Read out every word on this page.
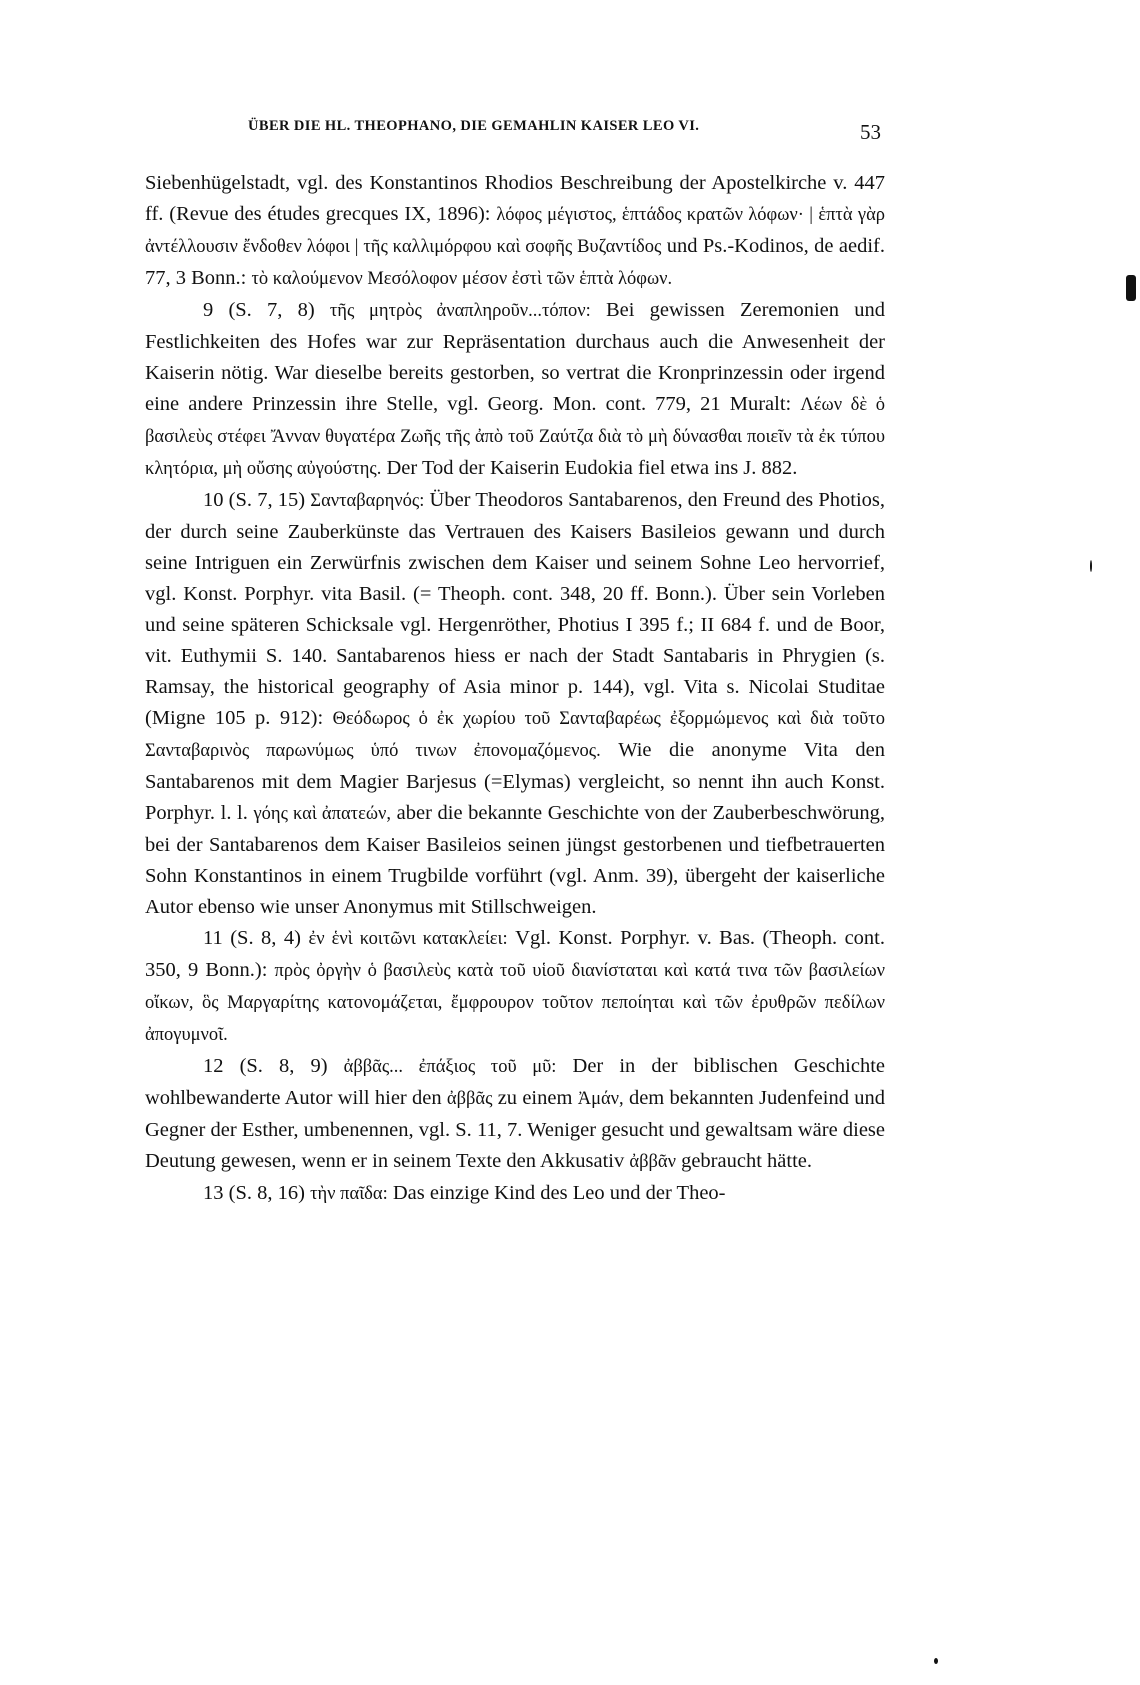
ÜBER DIE HL. THEOPHANO, DIE GEMAHLIN KAISER LEO VI.	53

Siebenhügelstadt, vgl. des Konstantinos Rhodios Beschreibung der Apostelkirche v. 447 ff. (Revue des études grecques IX, 1896): λόφος μέγιστος, ἑπτάδος κρατῶν λόφων· | ἑπτὰ γὰρ ἀντέλλουσιν ἔνδοθεν λόφοι | τῆς καλλιμόρφου καὶ σοφῆς Βυζαντίδος und Ps.-Kodinos, de aedif. 77, 3 Bonn.: τὸ καλούμενον Μεσόλοφον μέσον ἐστὶ τῶν ἑπτὰ λόφων.

9 (S. 7, 8) τῆς μητρὸς ἀναπληροῦν...τόπον: Bei gewissen Zeremonien und Festlichkeiten des Hofes war zur Repräsentation durchaus auch die Anwesenheit der Kaiserin nötig. War dieselbe bereits gestorben, so vertrat die Kronprinzessin oder irgend eine andere Prinzessin ihre Stelle, vgl. Georg. Mon. cont. 779, 21 Muralt: Λέων δὲ ὁ βασιλεὺς στέφει Ἄνναν θυγατέρα Ζωῆς τῆς ἀπὸ τοῦ Ζαύτζα διὰ τὸ μὴ δύνασθαι ποιεῖν τὰ ἐκ τύπου κλητόρια, μὴ οὔσης αὐγούστης. Der Tod der Kaiserin Eudokia fiel etwa ins J. 882.

10 (S. 7, 15) Σανταβαρηνός: Über Theodoros Santabarenos, den Freund des Photios, der durch seine Zauberkünste das Vertrauen des Kaisers Basileios gewann und durch seine Intriguen ein Zerwürfnis zwischen dem Kaiser und seinem Sohne Leo hervorrief, vgl. Konst. Porphyr. vita Basil. (= Theoph. cont. 348, 20 ff. Bonn.). Über sein Vorleben und seine späteren Schicksale vgl. Hergenröther, Photius I 395 f.; II 684 f. und de Boor, vit. Euthymii S. 140. Santabarenos hiess er nach der Stadt Santabaris in Phrygien (s. Ramsay, the historical geography of Asia minor p. 144), vgl. Vita s. Nicolai Studitae (Migne 105 p. 912): Θεόδωρος ὁ ἐκ χωρίου τοῦ Σανταβαρέως ἐξορμώμενος καὶ διὰ τοῦτο Σανταβαρινὸς παρωνύμως ὑπό τινων ἐπονομαζόμενος. Wie die anonyme Vita den Santabarenos mit dem Magier Barjesus (=Elymas) vergleicht, so nennt ihn auch Konst. Porphyr. l. l. γόης καὶ ἀπατεών, aber die bekannte Geschichte von der Zauberbeschwörung, bei der Santabarenos dem Kaiser Basileios seinen jüngst gestorbenen und tiefbetrauerten Sohn Konstantinos in einem Trugbilde vorführt (vgl. Anm. 39), übergeht der kaiserliche Autor ebenso wie unser Anonymus mit Stillschweigen.

11 (S. 8, 4) ἐν ἑνὶ κοιτῶνι κατακλείει: Vgl. Konst. Porphyr. v. Bas. (Theoph. cont. 350, 9 Bonn.): πρὸς ὀργὴν ὁ βασιλεὺς κατὰ τοῦ υἱοῦ διανίσταται καὶ κατά τινα τῶν βασιλείων οἴκων, ὃς Μαργαρίτης κατονομάζεται, ἔμφρουρον τοῦτον πεποίηται καὶ τῶν ἐρυθρῶν πεδίλων ἀπογυμνοῖ.

12 (S. 8, 9) ἀββᾶς... ἐπάξιος τοῦ μῦ: Der in der biblischen Geschichte wohlbewanderte Autor will hier den ἀββᾶς zu einem Ἀμάν, dem bekannten Judenfeind und Gegner der Esther, umbenennen, vgl. S. 11, 7. Weniger gesucht und gewaltsam wäre diese Deutung gewesen, wenn er in seinem Texte den Akkusativ ἀββᾶν gebraucht hätte.

13 (S. 8, 16) τὴν παῖδα: Das einzige Kind des Leo und der Theo-
